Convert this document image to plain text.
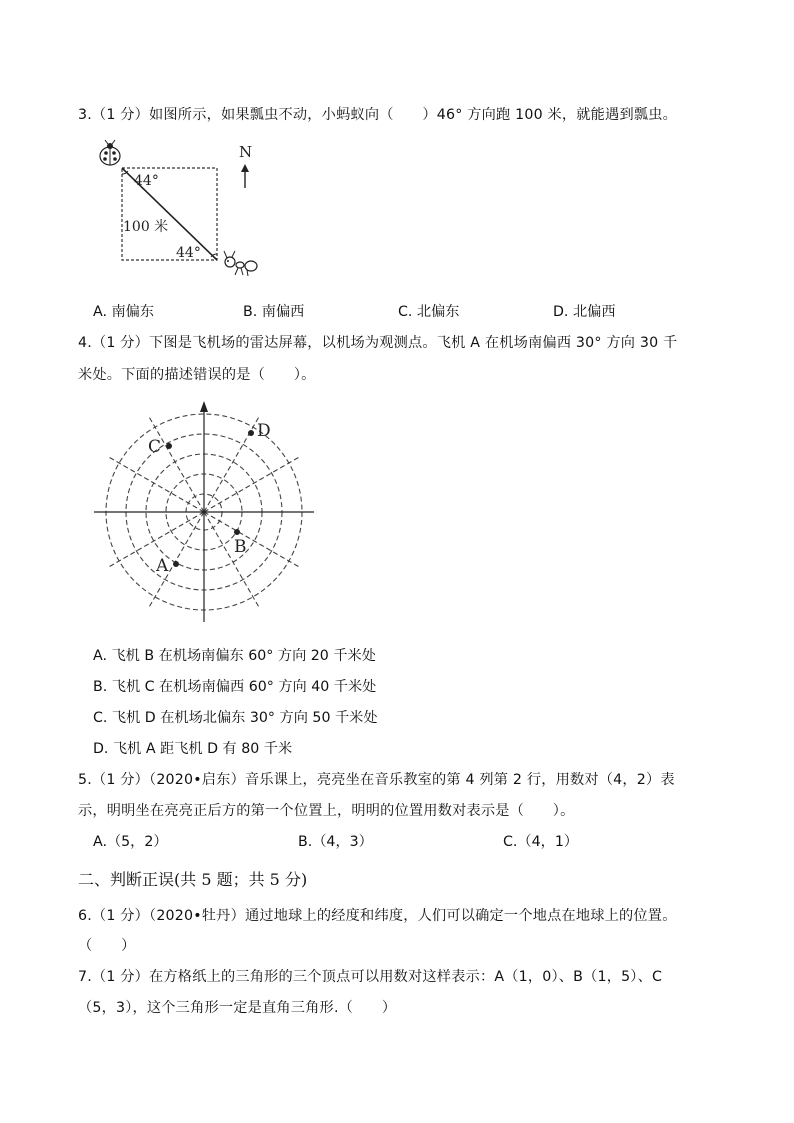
3.（1 分）如图所示，如果瓢虫不动，小蚂蚁向（　　）46° 方向跑 100 米，就能遇到瓢虫。
44°
100 米
44°
N
A. 南偏东	B. 南偏西	C. 北偏东	D. 北偏西
4.（1 分）下图是飞机场的雷达屏幕，以机场为观测点。飞机 A 在机场南偏西 30° 方向 30 千
米处。下面的描述错误的是（　　）。
C
D
B
A
A. 飞机 B 在机场南偏东 60° 方向 20 千米处
B. 飞机 C 在机场南偏西 60° 方向 40 千米处
C. 飞机 D 在机场北偏东 30° 方向 50 千米处
D. 飞机 A 距飞机 D 有 80 千米
5.（1 分）（2020•启东）音乐课上，亮亮坐在音乐教室的第 4 列第 2 行，用数对（4，2）表
示，明明坐在亮亮正后方的第一个位置上，明明的位置用数对表示是（　　）。
A.（5，2）	B.（4，3）	C.（4，1）
二、判断正误(共 5 题；共 5 分)
6.（1 分）（2020•牡丹）通过地球上的经度和纬度，人们可以确定一个地点在地球上的位置。
（　　）
7.（1 分）在方格纸上的三角形的三个顶点可以用数对这样表示：A（1，0）、B（1，5）、C
（5，3），这个三角形一定是直角三角形.（　　）
